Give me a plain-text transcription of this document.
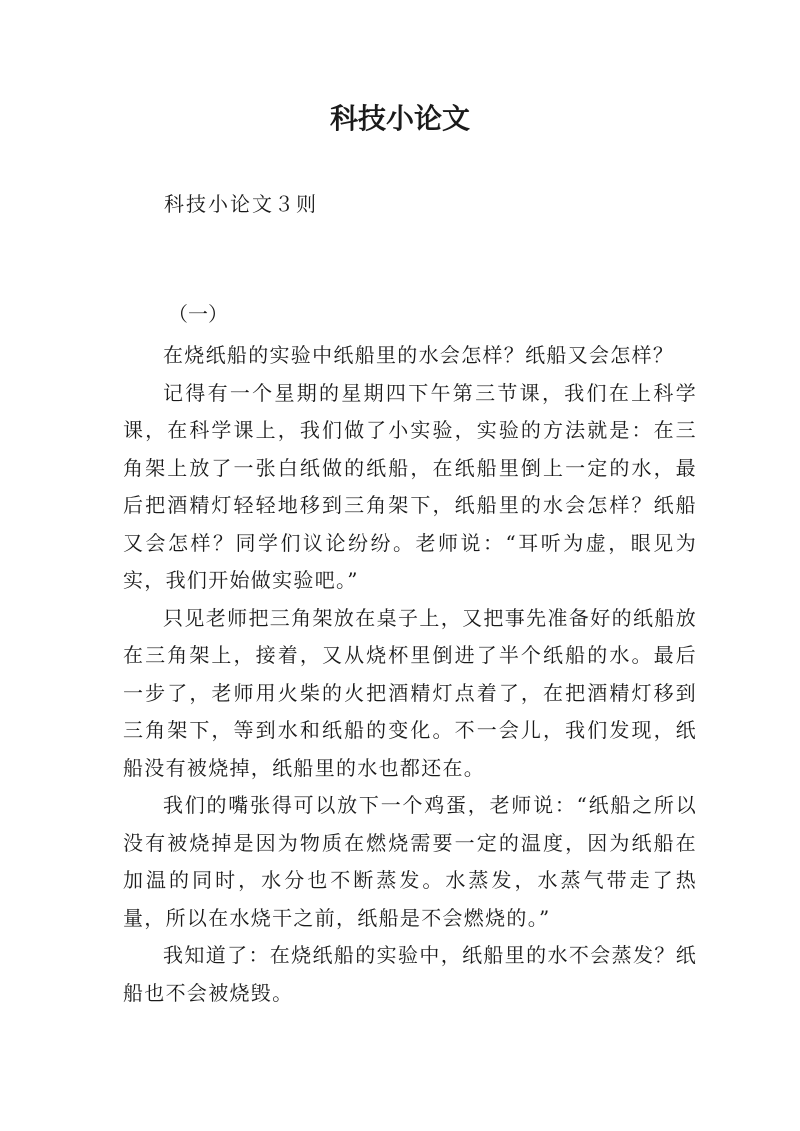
科技小论文
科技小论文３则
（一）

在烧纸船的实验中纸船里的水会怎样？纸船又会怎样？

记得有一个星期的星期四下午第三节课，我们在上科学课，在科学课上，我们做了小实验，实验的方法就是：在三角架上放了一张白纸做的纸船，在纸船里倒上一定的水，最后把酒精灯轻轻地移到三角架下，纸船里的水会怎样？纸船又会怎样？同学们议论纷纷。老师说：“耳听为虚，眼见为实，我们开始做实验吧。”

只见老师把三角架放在桌子上，又把事先准备好的纸船放在三角架上，接着，又从烧杯里倒进了半个纸船的水。最后一步了，老师用火柴的火把酒精灯点着了，在把酒精灯移到三角架下，等到水和纸船的变化。不一会儿，我们发现，纸船没有被烧掉，纸船里的水也都还在。

我们的嘴张得可以放下一个鸡蛋，老师说：“纸船之所以没有被烧掉是因为物质在燃烧需要一定的温度，因为纸船在加温的同时，水分也不断蒸发。水蒸发，水蒸气带走了热量，所以在水烧干之前，纸船是不会燃烧的。”

我知道了：在烧纸船的实验中，纸船里的水不会蒸发？纸船也不会被烧毁。
